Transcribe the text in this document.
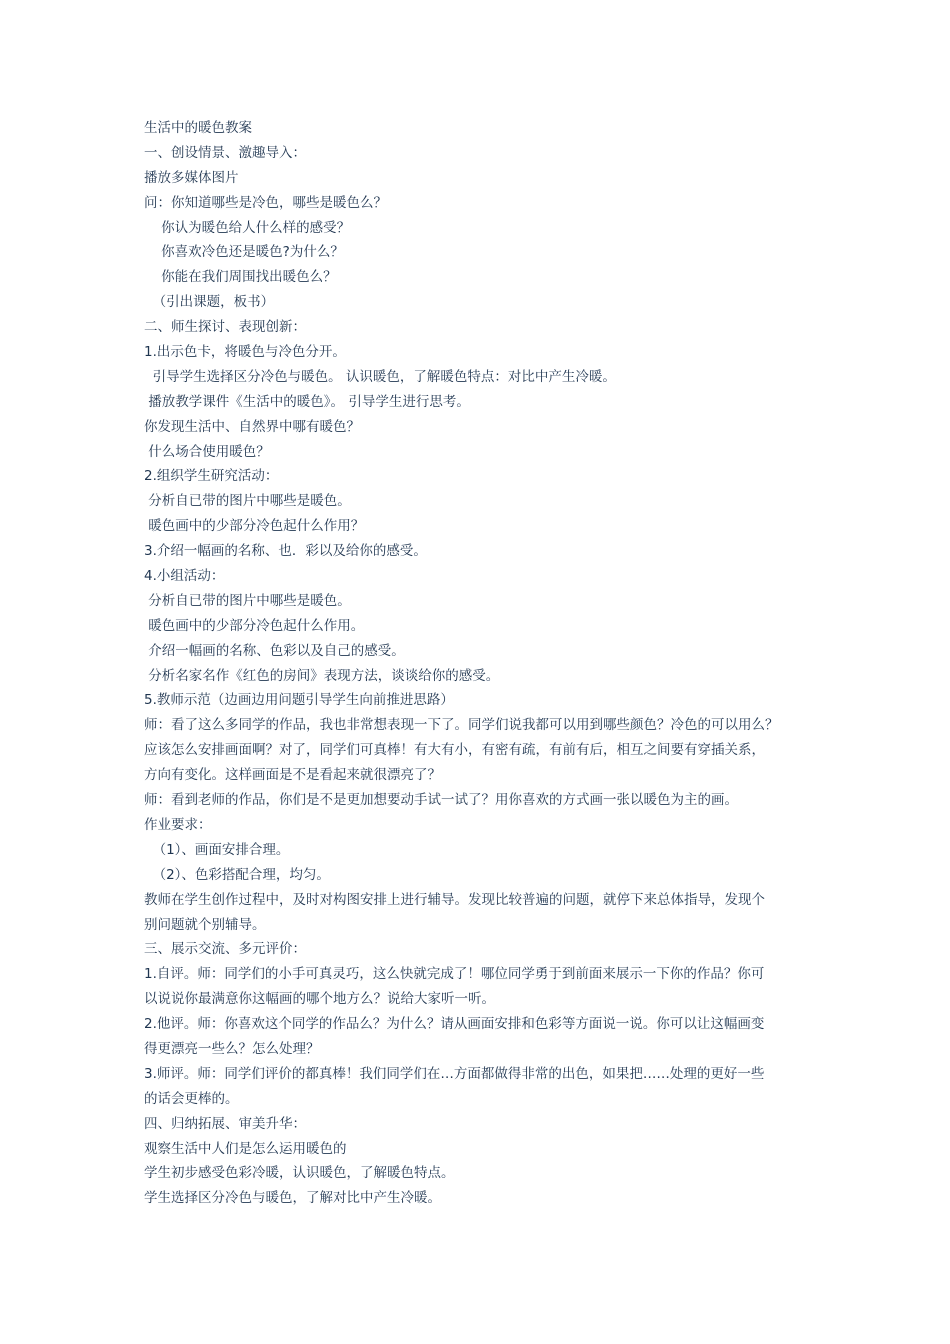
生活中的暖色教案
一、创设情景、激趣导入：
播放多媒体图片
问：你知道哪些是冷色，哪些是暖色么？
你认为暖色给人什么样的感受？
你喜欢冷色还是暖色?为什么？
你能在我们周围找出暖色么？
（引出课题，板书）
二、师生探讨、表现创新：
1.出示色卡，将暖色与冷色分开。
引导学生选择区分冷色与暖色。 认识暖色，了解暖色特点：对比中产生冷暖。
播放教学课件《生活中的暖色》。 引导学生进行思考。
你发现生活中、自然界中哪有暖色？
什么场合使用暖色？
2.组织学生研究活动：
分析自已带的图片中哪些是暖色。
暖色画中的少部分冷色起什么作用？
3.介绍一幅画的名称、也．彩以及给你的感受。
4.小组活动：
分析自已带的图片中哪些是暖色。
暖色画中的少部分冷色起什么作用。
介绍一幅画的名称、色彩以及自己的感受。
分析名家名作《红色的房间》表现方法，谈谈给你的感受。
5.教师示范（边画边用问题引导学生向前推进思路）
师：看了这么多同学的作品，我也非常想表现一下了。同学们说我都可以用到哪些颜色？冷色的可以用么？
应该怎么安排画面啊？对了，同学们可真棒！有大有小，有密有疏，有前有后，相互之间要有穿插关系，
方向有变化。这样画面是不是看起来就很漂亮了？
师：看到老师的作品，你们是不是更加想要动手试一试了？用你喜欢的方式画一张以暖色为主的画。
作业要求：
（1）、画面安排合理。
（2）、色彩搭配合理，均匀。
教师在学生创作过程中，及时对构图安排上进行辅导。发现比较普遍的问题，就停下来总体指导，发现个
别问题就个别辅导。
三、展示交流、多元评价：
1.自评。师：同学们的小手可真灵巧，这么快就完成了！哪位同学勇于到前面来展示一下你的作品？你可
以说说你最满意你这幅画的哪个地方么？说给大家听一听。
2.他评。师：你喜欢这个同学的作品么？为什么？请从画面安排和色彩等方面说一说。你可以让这幅画变
得更漂亮一些么？怎么处理？
3.师评。师：同学们评价的都真棒！我们同学们在…方面都做得非常的出色，如果把……处理的更好一些
的话会更棒的。
四、归纳拓展、审美升华：
观察生活中人们是怎么运用暖色的
学生初步感受色彩冷暖，认识暖色，了解暖色特点。
学生选择区分冷色与暖色，了解对比中产生冷暖。
